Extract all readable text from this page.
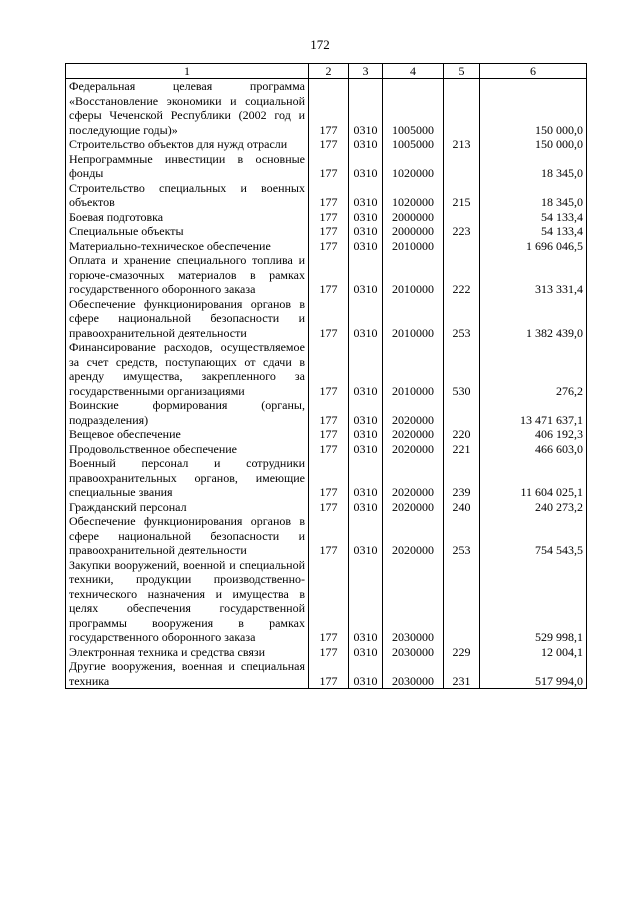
172
1	2	3	4	5	6
Федеральная целевая программа «Восстановление экономики и социальной сферы Чеченской Республики (2002 год и последующие годы)»	177	0310	1005000		150 000,0
Строительство объектов для нужд отрасли	177	0310	1005000	213	150 000,0
Непрограммные инвестиции в основные фонды	177	0310	1020000		18 345,0
Строительство специальных и военных объектов	177	0310	1020000	215	18 345,0
Боевая подготовка	177	0310	2000000		54 133,4
Специальные объекты	177	0310	2000000	223	54 133,4
Материально-техническое обеспечение	177	0310	2010000		1 696 046,5
Оплата и хранение специального топлива и горюче-смазочных материалов в рамках государственного оборонного заказа	177	0310	2010000	222	313 331,4
Обеспечение функционирования органов в сфере национальной безопасности и правоохранительной деятельности	177	0310	2010000	253	1 382 439,0
Финансирование расходов, осуществляемое за счет средств, поступающих от сдачи в аренду имущества, закрепленного за государственными организациями	177	0310	2010000	530	276,2
Воинские формирования (органы, подразделения)	177	0310	2020000		13 471 637,1
Вещевое обеспечение	177	0310	2020000	220	406 192,3
Продовольственное обеспечение	177	0310	2020000	221	466 603,0
Военный персонал и сотрудники правоохранительных органов, имеющие специальные звания	177	0310	2020000	239	11 604 025,1
Гражданский персонал	177	0310	2020000	240	240 273,2
Обеспечение функционирования органов в сфере национальной безопасности и правоохранительной деятельности	177	0310	2020000	253	754 543,5
Закупки вооружений, военной и специальной техники, продукции производственно-технического назначения и имущества в целях обеспечения государственной программы вооружения в рамках государственного оборонного заказа	177	0310	2030000		529 998,1
Электронная техника и средства связи	177	0310	2030000	229	12 004,1
Другие вооружения, военная и специальная техника	177	0310	2030000	231	517 994,0
